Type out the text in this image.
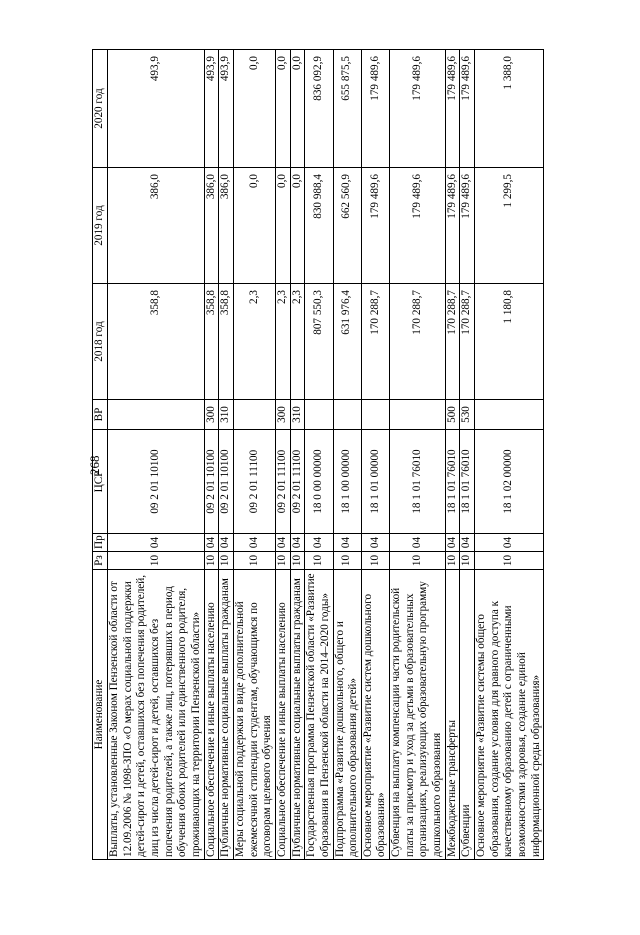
268
Наименование	Рз	Пр	ЦСР	ВР	2018 год	2019 год	2020 год
Выплаты, установленные Законом Пензенской области от 12.09.2006 № 1098-ЗПО «О мерах социальной поддержки детей-сирот и детей, оставшихся без попечения родителей, лиц из числа детей-сирот и детей, оставшихся без попечения родителей, а также лиц, потерявших в период обучения обоих родителей или единственного родителя, проживающих на территории Пензенской области»	10	04	09 2 01 10100		358,8	386,0	493,9
Социальное обеспечение и иные выплаты населению	10	04	09 2 01 10100	300	358,8	386,0	493,9
Публичные нормативные социальные выплаты гражданам	10	04	09 2 01 10100	310	358,8	386,0	493,9
Меры социальной поддержки в виде дополнительной ежемесячной стипендии студентам, обучающимся по договорам целевого обучения	10	04	09 2 01 11100		2,3	0,0	0,0
Социальное обеспечение и иные выплаты населению	10	04	09 2 01 11100	300	2,3	0,0	0,0
Публичные нормативные социальные выплаты гражданам	10	04	09 2 01 11100	310	2,3	0,0	0,0
Государственная программа Пензенской области «Развитие образования в Пензенской области на 2014–2020 годы»	10	04	18 0 00 00000		807 550,3	830 988,4	836 092,9
Подпрограмма «Развитие дошкольного, общего и дополнительного образования детей»	10	04	18 1 00 00000		631 976,4	662 560,9	655 875,5
Основное мероприятие «Развитие систем дошкольного образования»	10	04	18 1 01 00000		170 288,7	179 489,6	179 489,6
Субвенция на выплату компенсации части родительской платы за присмотр и уход за детьми в образовательных организациях, реализующих образовательную программу дошкольного образования	10	04	18 1 01 76010		170 288,7	179 489,6	179 489,6
Межбюджетные трансферты	10	04	18 1 01 76010	500	170 288,7	179 489,6	179 489,6
Субвенции	10	04	18 1 01 76010	530	170 288,7	179 489,6	179 489,6
Основное мероприятие «Развитие системы общего образования, создание условия для равного доступа к качественному образованию детей с ограниченными возможностями здоровья, создание единой информационной среды образования»	10	04	18 1 02 00000		1 180,8	1 299,5	1 388,0
